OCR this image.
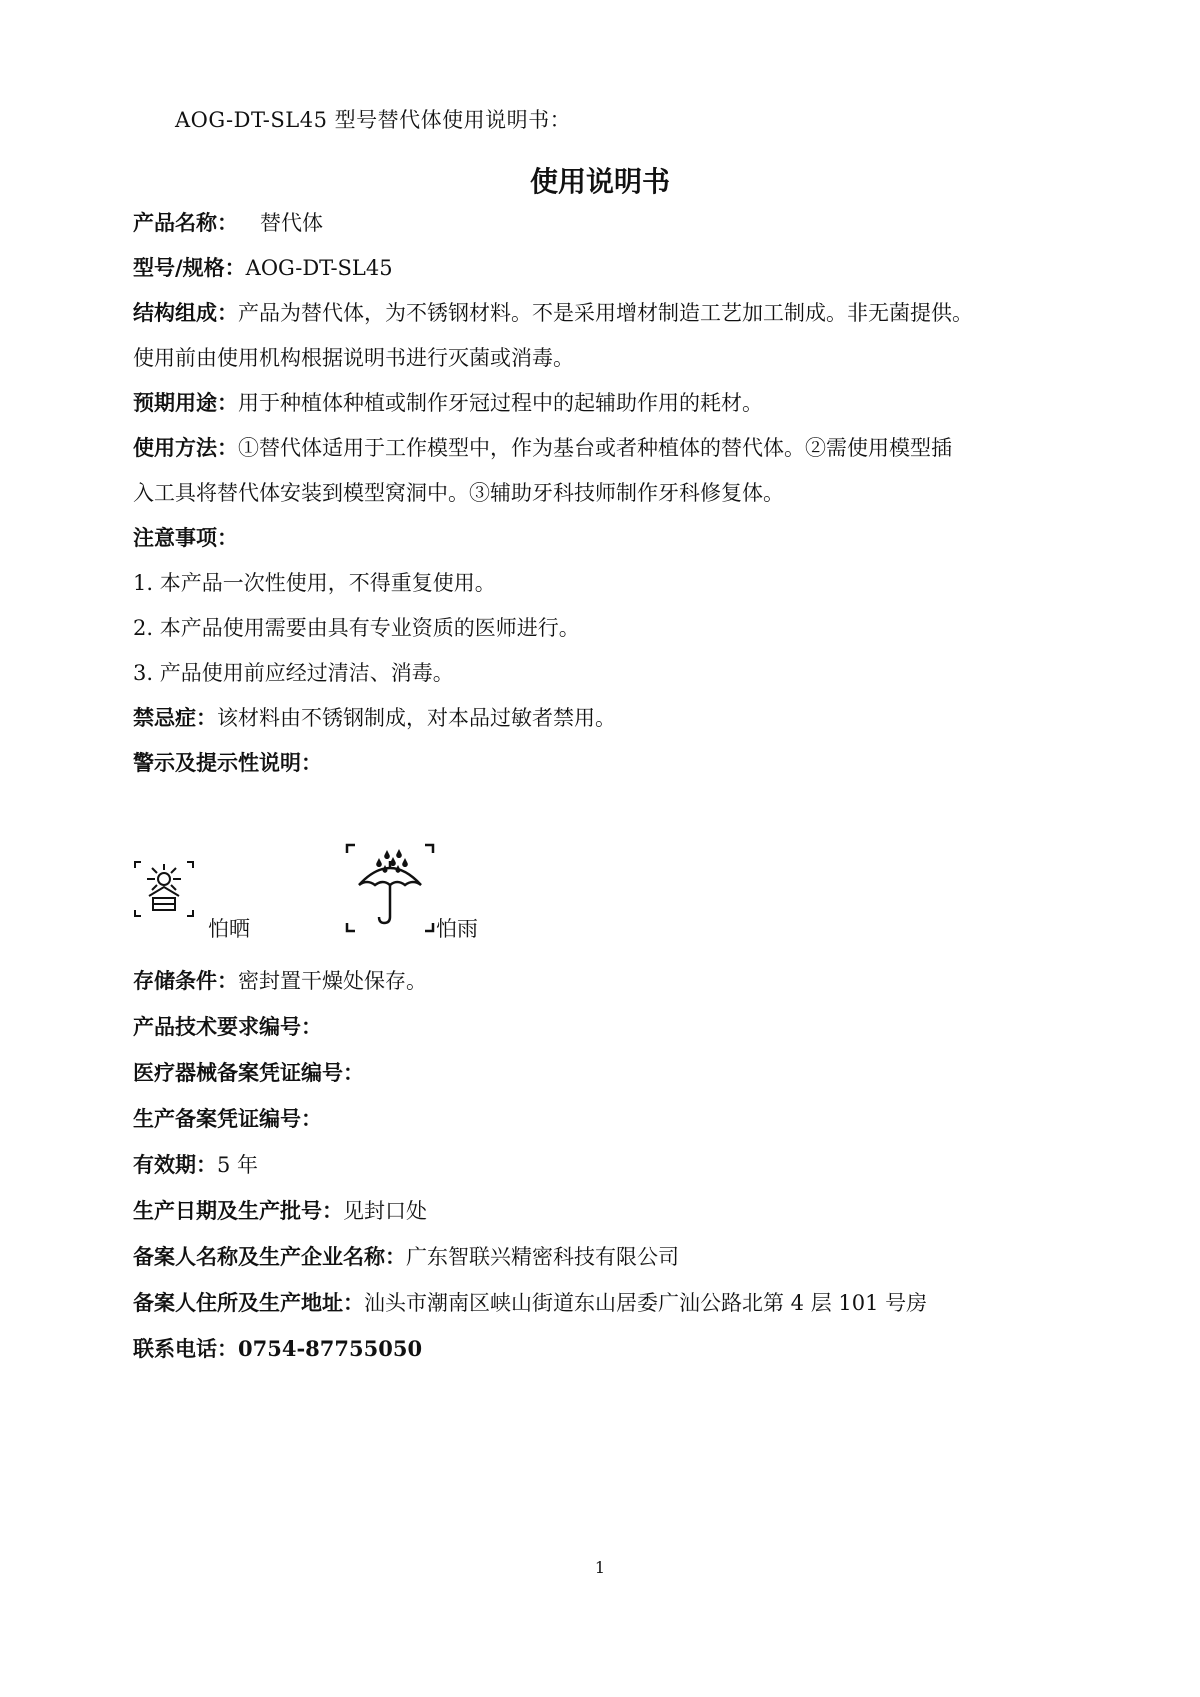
AOG-DT-SL45 型号替代体使用说明书：
使用说明书
产品名称： 替代体
型号/规格：AOG-DT-SL45
结构组成：产品为替代体，为不锈钢材料。不是采用增材制造工艺加工制成。非无菌提供。
使用前由使用机构根据说明书进行灭菌或消毒。
预期用途：用于种植体种植或制作牙冠过程中的起辅助作用的耗材。
使用方法：①替代体适用于工作模型中，作为基台或者种植体的替代体。②需使用模型插
入工具将替代体安装到模型窝洞中。③辅助牙科技师制作牙科修复体。
注意事项：
1. 本产品一次性使用，不得重复使用。
2. 本产品使用需要由具有专业资质的医师进行。
3. 产品使用前应经过清洁、消毒。
禁忌症：该材料由不锈钢制成，对本品过敏者禁用。
警示及提示性说明：
怕晒	怕雨
存储条件：密封置干燥处保存。
产品技术要求编号：
医疗器械备案凭证编号：
生产备案凭证编号：
有效期：5 年
生产日期及生产批号：见封口处
备案人名称及生产企业名称：广东智联兴精密科技有限公司
备案人住所及生产地址：汕头市潮南区峡山街道东山居委广汕公路北第 4 层 101 号房
联系电话：0754-87755050
1
